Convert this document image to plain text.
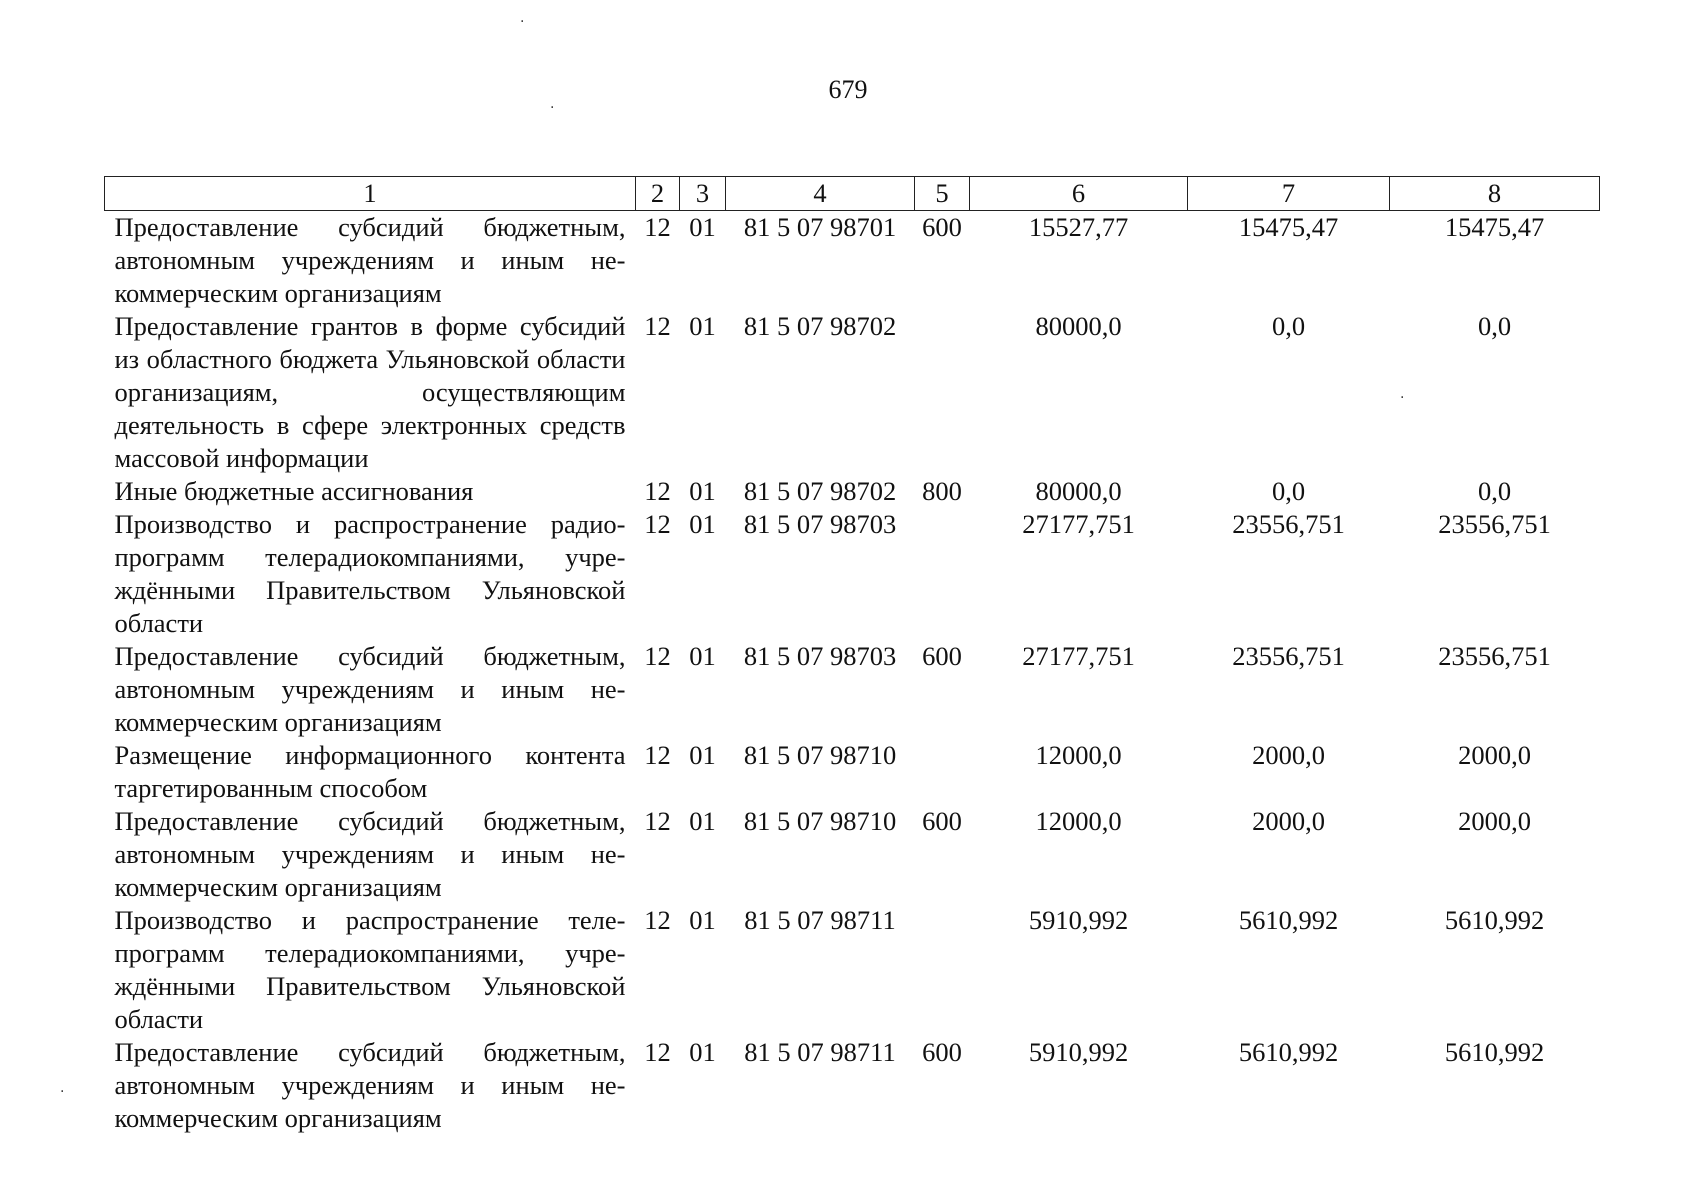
679
1	2	3	4	5	6	7	8
Предоставление субсидий бюджетным, автономным учреждениям и иным некоммерческим организациям	12	01	81 5 07 98701	600	15527,77	15475,47	15475,47
Предоставление грантов в форме субсидий из областного бюджета Ульяновской области организациям, осуществляющим деятельность в сфере электронных средств массовой информации	12	01	81 5 07 98702		80000,0	0,0	0,0
Иные бюджетные ассигнования	12	01	81 5 07 98702	800	80000,0	0,0	0,0
Производство и распространение радиопрограмм телерадиокомпаниями, учреждёнными Правительством Ульяновской области	12	01	81 5 07 98703		27177,751	23556,751	23556,751
Предоставление субсидий бюджетным, автономным учреждениям и иным некоммерческим организациям	12	01	81 5 07 98703	600	27177,751	23556,751	23556,751
Размещение информационного контента таргетированным способом	12	01	81 5 07 98710		12000,0	2000,0	2000,0
Предоставление субсидий бюджетным, автономным учреждениям и иным некоммерческим организациям	12	01	81 5 07 98710	600	12000,0	2000,0	2000,0
Производство и распространение телепрограмм телерадиокомпаниями, учреждёнными Правительством Ульяновской области	12	01	81 5 07 98711		5910,992	5610,992	5610,992
Предоставление субсидий бюджетным, автономным учреждениям и иным некоммерческим организациям	12	01	81 5 07 98711	600	5910,992	5610,992	5610,992
·
·
·
·
